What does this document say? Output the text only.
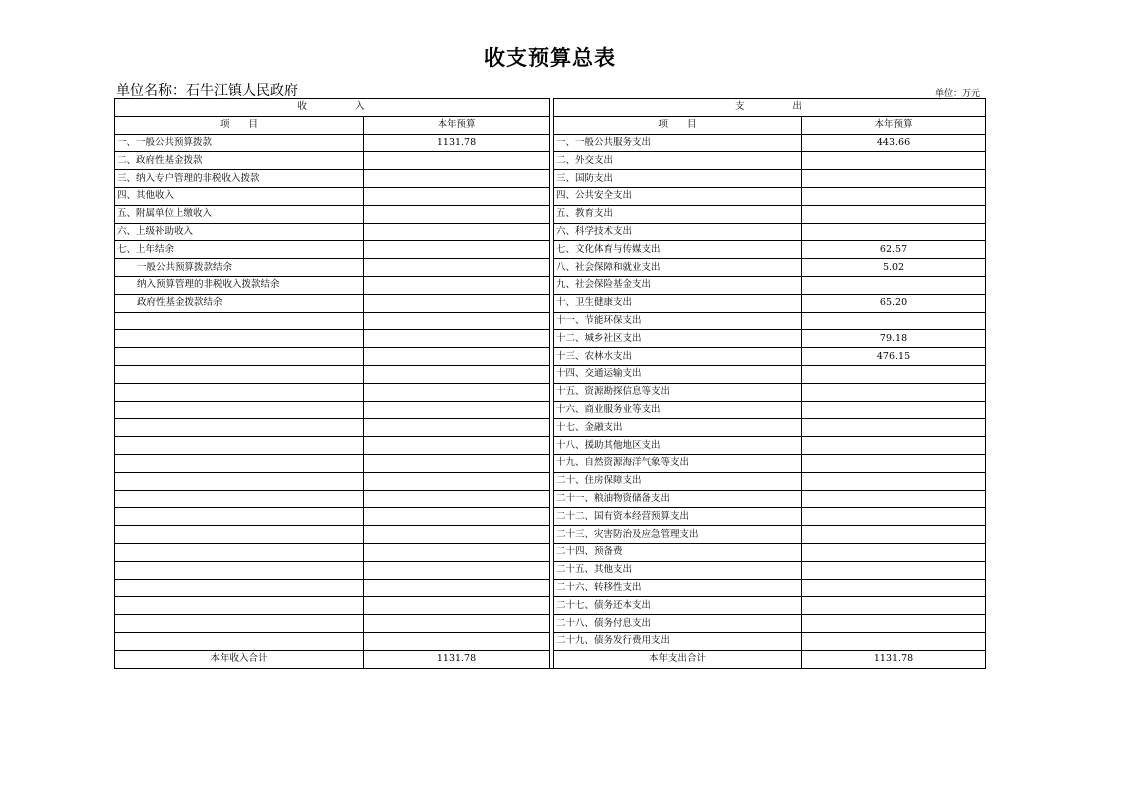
收支预算总表
单位名称：石牛江镇人民政府	单位：万元
收　　　　入			支　　　　出	
项　　目	本年预算		项　　目	本年预算
一、一般公共预算拨款	1131.78		一、一般公共服务支出	443.66
二、政府性基金拨款			二、外交支出	
三、纳入专户管理的非税收入拨款			三、国防支出	
四、其他收入			四、公共安全支出	
五、附属单位上缴收入			五、教育支出	
六、上级补助收入			六、科学技术支出	
七、上年结余			七、文化体育与传媒支出	62.57
一般公共预算拨款结余			八、社会保障和就业支出	5.02
纳入预算管理的非税收入拨款结余			九、社会保险基金支出	
政府性基金拨款结余			十、卫生健康支出	65.20
			十一、节能环保支出	
			十二、城乡社区支出	79.18
			十三、农林水支出	476.15
			十四、交通运输支出	
			十五、资源勘探信息等支出	
			十六、商业服务业等支出	
			十七、金融支出	
			十八、援助其他地区支出	
			十九、自然资源海洋气象等支出	
			二十、住房保障支出	
			二十一、粮油物资储备支出	
			二十二、国有资本经营预算支出	
			二十三、灾害防治及应急管理支出	
			二十四、预备费	
			二十五、其他支出	
			二十六、转移性支出	
			二十七、债务还本支出	
			二十八、债务付息支出	
			二十九、债务发行费用支出	
本年收入合计	1131.78		本年支出合计	1131.78
